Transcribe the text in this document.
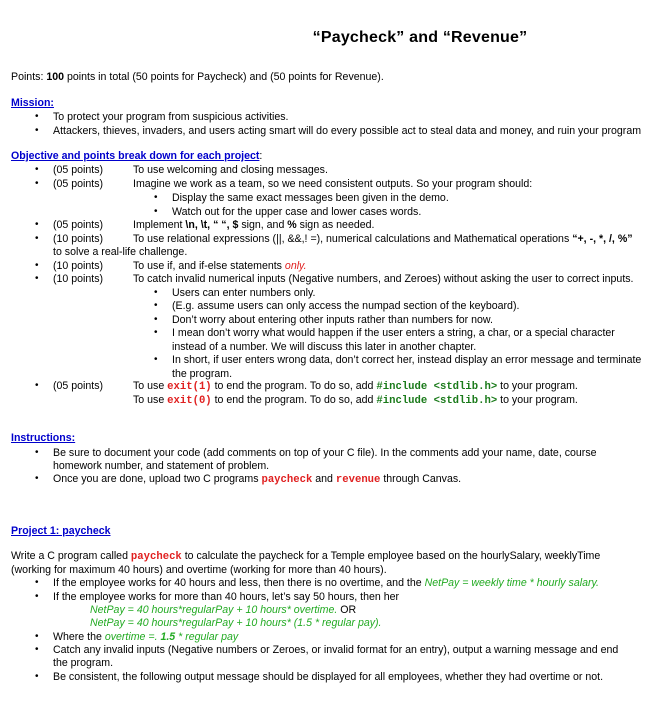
“Paycheck” and “Revenue”
Points: 100 points in total (50 points for Paycheck) and (50 points for Revenue).
Mission:
• To protect your program from suspicious activities.
• Attackers, thieves, invaders, and users acting smart will do every possible act to steal data and money, and ruin your program
Objective and points break down for each project:
• (05 points)	To use welcoming and closing messages.
• (05 points)	Imagine we work as a team, so we need consistent outputs. So your program should:
• Display the same exact messages been given in the demo.
• Watch out for the upper case and lower cases words.
• (05 points)	Implement \n, \t, “ “, $ sign, and % sign as needed.
• (10 points)	To use relational expressions (||, &&,! =), numerical calculations and Mathematical operations “+, -, *, /, %”
to solve a real-life challenge.
• (10 points)	To use if, and if-else statements only.
• (10 points)	To catch invalid numerical inputs (Negative numbers, and Zeroes) without asking the user to correct inputs.
• Users can enter numbers only.
• (E.g. assume users can only access the numpad section of the keyboard).
• Don’t worry about entering other inputs rather than numbers for now.
• I mean don’t worry what would happen if the user enters a string, a char, or a special character
instead of a number. We will discuss this later in another chapter.
• In short, if user enters wrong data, don’t correct her, instead display an error message and terminate
the program.
• (05 points)	To use exit(1) to end the program. To do so, add #include <stdlib.h> to your program.
To use exit(0) to end the program. To do so, add #include <stdlib.h> to your program.
Instructions:
• Be sure to document your code (add comments on top of your C file). In the comments add your name, date, course
homework number, and statement of problem.
• Once you are done, upload two C programs paycheck and revenue through Canvas.
Project 1: paycheck
Write a C program called paycheck to calculate the paycheck for a Temple employee based on the hourlySalary, weeklyTime
(working for maximum 40 hours) and overtime (working for more than 40 hours).
• If the employee works for 40 hours and less, then there is no overtime, and the NetPay = weekly time * hourly salary.
• If the employee works for more than 40 hours, let’s say 50 hours, then her
NetPay = 40 hours*regularPay + 10 hours* overtime. OR
NetPay = 40 hours*regularPay + 10 hours* (1.5 * regular pay).
• Where the overtime =. 1.5 * regular pay
• Catch any invalid inputs (Negative numbers or Zeroes, or invalid format for an entry), output a warning message and end
the program.
• Be consistent, the following output message should be displayed for all employees, whether they had overtime or not.
